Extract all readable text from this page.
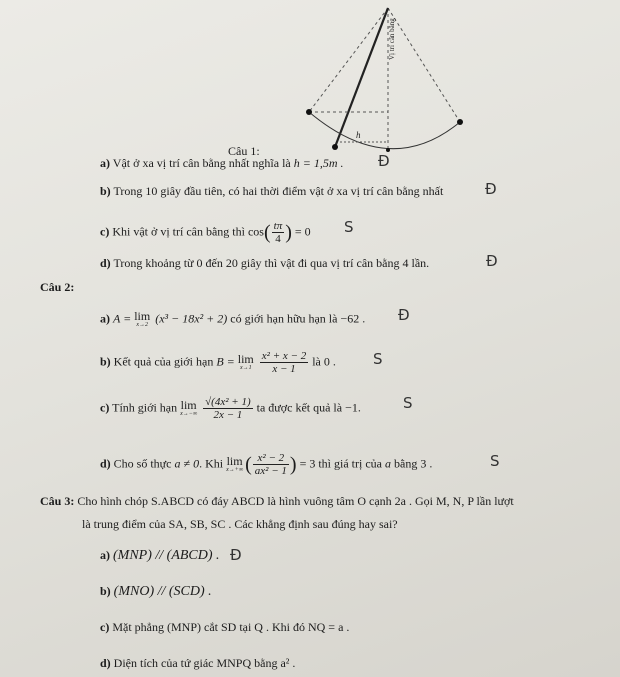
h
Vị trí cân bằng
Câu 1:
a) Vật ở xa vị trí cân bằng nhất nghĩa là h = 1,5m . Đ
b) Trong 10 giây đầu tiên, có hai thời điểm vật ở xa vị trí cân bằng nhất	Đ
c) Khi vật ở vị trí cân bằng thì $\cos( \frac{t\pi}{4}$ ) = 0 S
d) Trong khoảng từ 0 đến 20 giây thì vật đi qua vị trí cân bằng 4 lần.	Đ
Câu 2:
a) A = lim
x→2 (x³ − 18x² + 2) có giới hạn hữu hạn là −62 . Đ
b) Kết quả của giới hạn B = lim
x→1
$\frac{\text{x² + x − 2}}{x - 1}$ là 0 . S
c) Tính giới hạn lim
x→−∞
$\frac{\text{√(4x² + 1)}}{2x - 1}$ ta được kết quả là −1.	S
d) Cho số thực a ≠ 0. Khi lim
x→+∞ ( $\frac{\text{x² − 2}}{\text{ax² − 1}}$ ) = 3 thì giá trị của a bằng 3 .	S
Câu 3: Cho hình chóp S.ABCD có đáy ABCD là hình vuông tâm O cạnh 2a . Gọi M, N, P lần lượt
là trung điểm của SA, SB, SC . Các khẳng định sau đúng hay sai?
a) (MNP) // (ABCD) . Đ
b) (MNO) // (SCD) .
c) Mặt phẳng (MNP) cắt SD tại Q . Khi đó NQ = a .
d) Diện tích của tứ giác MNPQ bằng a² .
